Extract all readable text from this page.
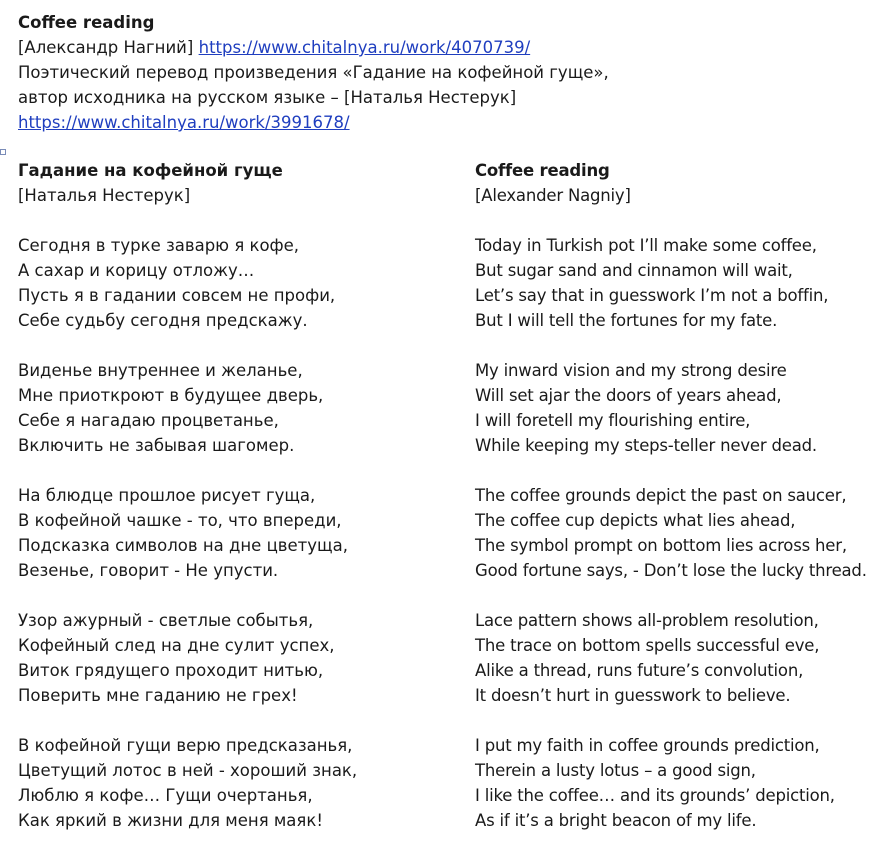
Coffee reading
[Александр Нагний] https://www.chitalnya.ru/work/4070739/
Поэтический перевод произведения «Гадание на кофейной гуще»,
автор исходника на русском языке – [Наталья Нестерук]
https://www.chitalnya.ru/work/3991678/
Гадание на кофейной гуще
[Наталья Нестерук]
Сегодня в турке заварю я кофе,
А сахар и корицу отложу…
Пусть я в гадании совсем не профи,
Себе судьбу сегодня предскажу.
Виденье внутреннее и желанье,
Мне приоткроют в будущее дверь,
Себе я нагадаю процветанье,
Включить не забывая шагомер.
На блюдце прошлое рисует гуща,
В кофейной чашке - то, что впереди,
Подсказка символов на дне цветуща,
Везенье, говорит - Не упусти.
Узор ажурный - светлые событья,
Кофейный след на дне сулит успех,
Виток грядущего проходит нитью,
Поверить мне гаданию не грех!
В кофейной гущи верю предсказанья,
Цветущий лотос в ней - хороший знак,
Люблю я кофе… Гущи очертанья,
Как яркий в жизни для меня маяк!
Coffee reading
[Alexander Nagniy]
Today in Turkish pot I’ll make some coffee,
But sugar sand and cinnamon will wait,
Let’s say that in guesswork I’m not a boffin,
But I will tell the fortunes for my fate.
My inward vision and my strong desire
Will set ajar the doors of years ahead,
I will foretell my flourishing entire,
While keeping my steps-teller never dead.
The coffee grounds depict the past on saucer,
The coffee cup depicts what lies ahead,
The symbol prompt on bottom lies across her,
Good fortune says, - Don’t lose the lucky thread.
Lace pattern shows all-problem resolution,
The trace on bottom spells successful eve,
Alike a thread, runs future’s convolution,
It doesn’t hurt in guesswork to believe.
I put my faith in coffee grounds prediction,
Therein a lusty lotus – a good sign,
I like the coffee… and its grounds’ depiction,
As if it’s a bright beacon of my life.
